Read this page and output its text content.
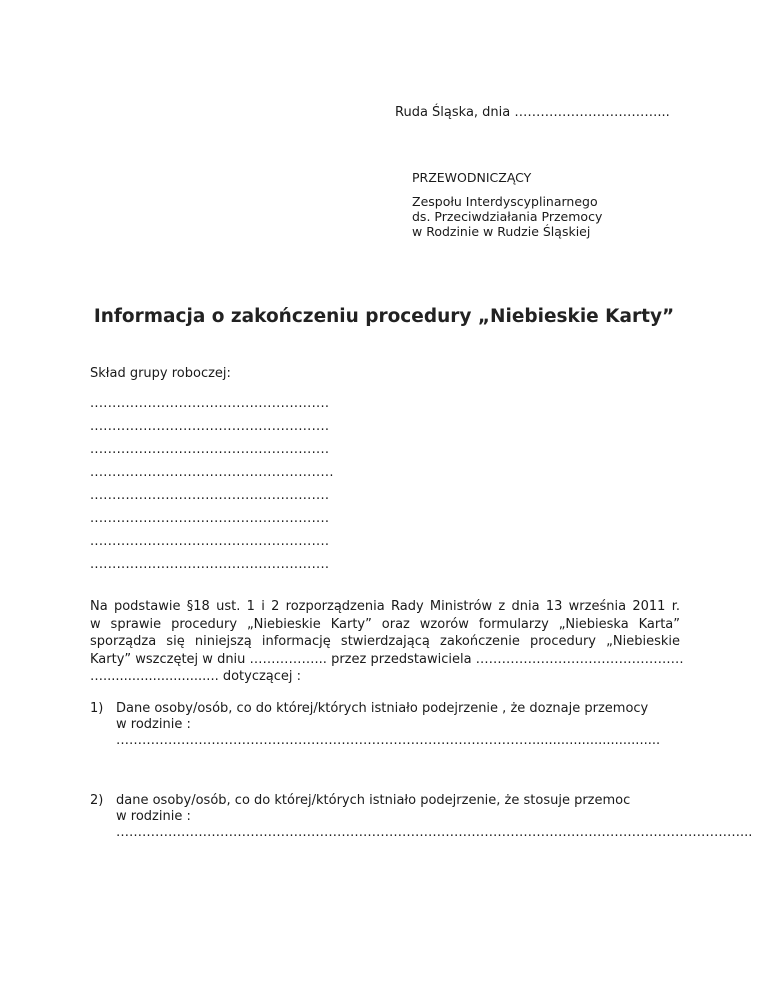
Ruda Śląska, dnia ……………………………...
PRZEWODNICZĄCY
Zespołu Interdyscyplinarnego
ds. Przeciwdziałania Przemocy
w Rodzinie w Rudzie Śląskiej
Informacja o zakończeniu procedury „Niebieskie Karty”
Skład grupy roboczej:
......................................................
......................................................
......................................................
.......................................................
......................................................
......................................................
......................................................
......................................................
Na podstawie §18 ust. 1 i 2 rozporządzenia Rady Ministrów z dnia 13 września 2011 r.
w sprawie procedury „Niebieskie Karty” oraz wzorów formularzy „Niebieska Karta”
sporządza się niniejszą informację stwierdzającą zakończenie procedury „Niebieskie
Karty” wszczętej w dniu ……………... przez przedstawiciela …………………………………………
…............................ dotyczącej :
1) Dane osoby/osób, co do której/których istniało podejrzenie , że doznaje przemocy
w rodzinie :
……………………………………………………………………………………...............................
2) dane osoby/osób, co do której/których istniało podejrzenie, że stosuje przemoc
w rodzinie :
………………………………………………………………………………………………………………………………...
